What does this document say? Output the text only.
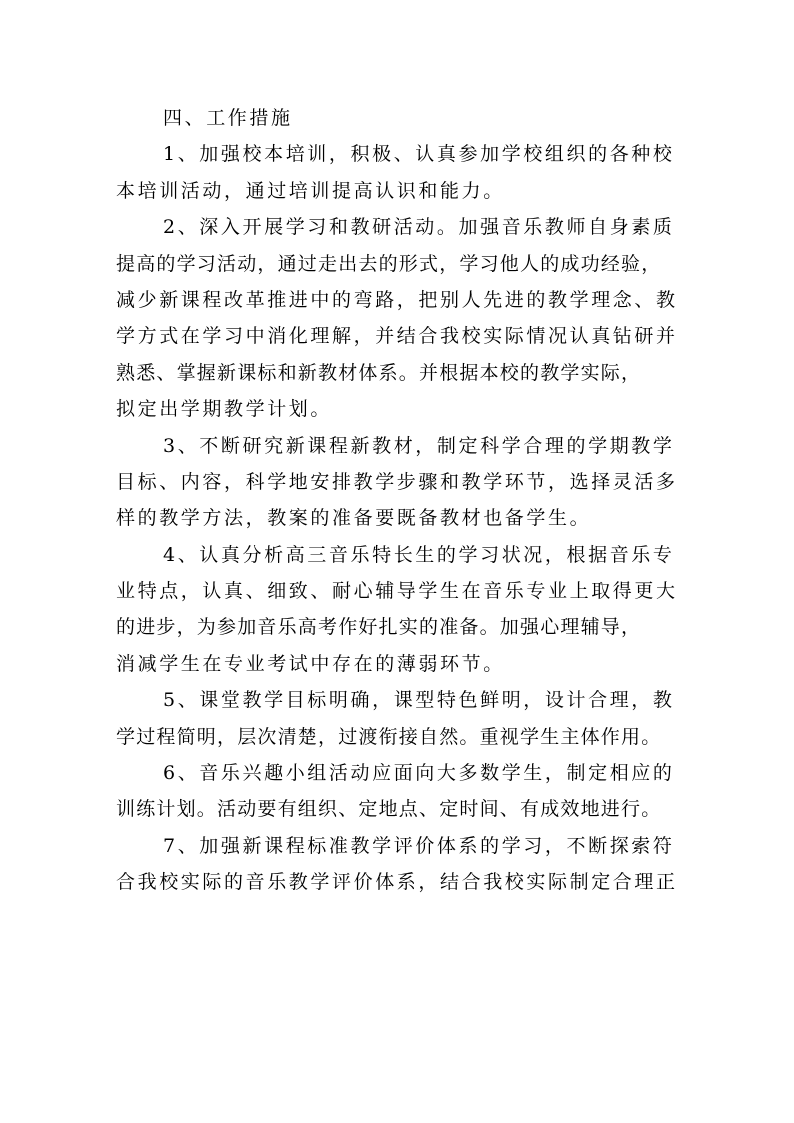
四、工作措施
1、加强校本培训，积极、认真参加学校组织的各种校
本培训活动，通过培训提高认识和能力。
2、深入开展学习和教研活动。加强音乐教师自身素质
提高的学习活动，通过走出去的形式，学习他人的成功经验，
减少新课程改革推进中的弯路，把别人先进的教学理念、教
学方式在学习中消化理解，并结合我校实际情况认真钻研并
熟悉、掌握新课标和新教材体系。并根据本校的教学实际，
拟定出学期教学计划。
3、不断研究新课程新教材，制定科学合理的学期教学
目标、内容，科学地安排教学步骤和教学环节，选择灵活多
样的教学方法，教案的准备要既备教材也备学生。
4、认真分析高三音乐特长生的学习状况，根据音乐专
业特点，认真、细致、耐心辅导学生在音乐专业上取得更大
的进步，为参加音乐高考作好扎实的准备。加强心理辅导，
消减学生在专业考试中存在的薄弱环节。
5、课堂教学目标明确，课型特色鲜明，设计合理，教
学过程简明，层次清楚，过渡衔接自然。重视学生主体作用。
6、音乐兴趣小组活动应面向大多数学生，制定相应的
训练计划。活动要有组织、定地点、定时间、有成效地进行。
7、加强新课程标准教学评价体系的学习，不断探索符
合我校实际的音乐教学评价体系，结合我校实际制定合理正
